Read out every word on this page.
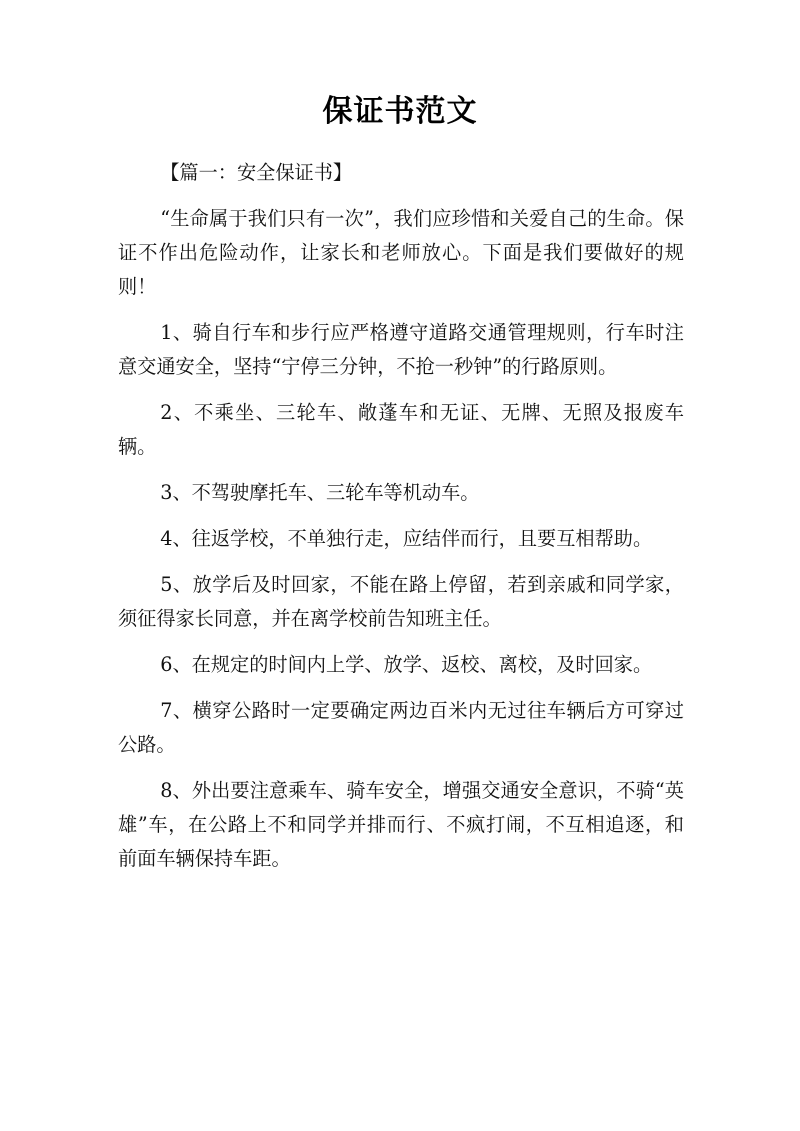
保证书范文

【篇一：安全保证书】

“生命属于我们只有一次”，我们应珍惜和关爱自己的生命。保证不作出危险动作，让家长和老师放心。下面是我们要做好的规则！

1、骑自行车和步行应严格遵守道路交通管理规则，行车时注意交通安全，坚持“宁停三分钟，不抢一秒钟”的行路原则。

2、不乘坐、三轮车、敞蓬车和无证、无牌、无照及报废车辆。

3、不驾驶摩托车、三轮车等机动车。

4、往返学校，不单独行走，应结伴而行，且要互相帮助。

5、放学后及时回家，不能在路上停留，若到亲戚和同学家，须征得家长同意，并在离学校前告知班主任。

6、在规定的时间内上学、放学、返校、离校，及时回家。

7、横穿公路时一定要确定两边百米内无过往车辆后方可穿过公路。

8、外出要注意乘车、骑车安全，增强交通安全意识，不骑“英雄”车，在公路上不和同学并排而行、不疯打闹，不互相追逐，和前面车辆保持车距。
